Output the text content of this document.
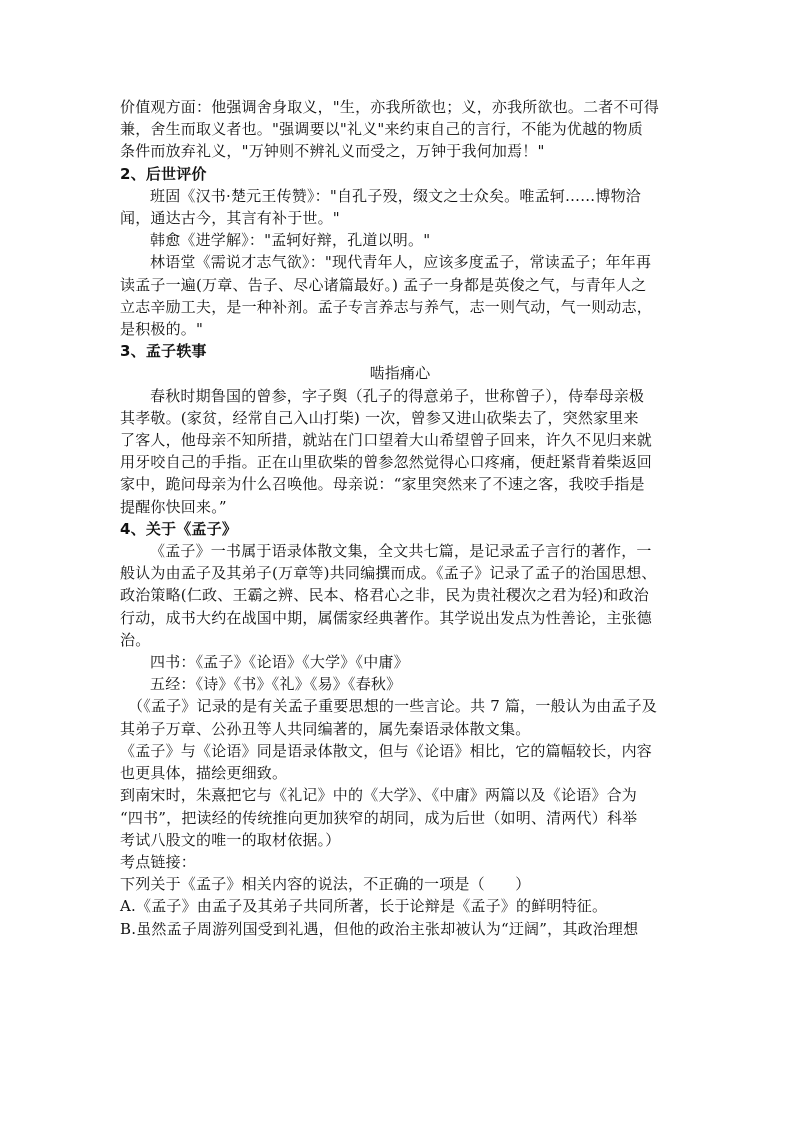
价值观方面：他强调舍身取义，"生，亦我所欲也；义，亦我所欲也。二者不可得
兼，舍生而取义者也。"强调要以"礼义"来约束自己的言行，不能为优越的物质
条件而放弃礼义，"万钟则不辨礼义而受之，万钟于我何加焉！"
2、后世评价
班固《汉书·楚元王传赞》："自孔子殁，缀文之士众矣。唯孟轲……博物洽
闻，通达古今，其言有补于世。"
韩愈《进学解》："孟轲好辩，孔道以明。"
林语堂《需说才志气欲》："现代青年人，应该多度孟子，常读孟子；年年再
读孟子一遍(万章、告子、尽心诸篇最好。) 孟子一身都是英俊之气，与青年人之
立志辛励工夫，是一种补剂。孟子专言养志与养气，志一则气动，气一则动志，
是积极的。"
3、孟子轶事
啮指痛心
春秋时期鲁国的曾参，字子舆（孔子的得意弟子，世称曾子），侍奉母亲极
其孝敬。(家贫，经常自己入山打柴) 一次，曾参又进山砍柴去了，突然家里来
了客人，他母亲不知所措，就站在门口望着大山希望曾子回来，许久不见归来就
用牙咬自己的手指。正在山里砍柴的曾参忽然觉得心口疼痛，便赶紧背着柴返回
家中，跪问母亲为什么召唤他。母亲说：“家里突然来了不速之客，我咬手指是
提醒你快回来。”
4、关于《孟子》
《孟子》一书属于语录体散文集，全文共七篇，是记录孟子言行的著作，一
般认为由孟子及其弟子(万章等)共同编撰而成。《孟子》记录了孟子的治国思想、
政治策略(仁政、王霸之辨、民本、格君心之非，民为贵社稷次之君为轻)和政治
行动，成书大约在战国中期，属儒家经典著作。其学说出发点为性善论，主张德
治。
四书：《孟子》《论语》《大学》《中庸》
五经：《诗》《书》《礼》《易》《春秋》
（《孟子》记录的是有关孟子重要思想的一些言论。共 7 篇，一般认为由孟子及
其弟子万章、公孙丑等人共同编著的，属先秦语录体散文集。
《孟子》与《论语》同是语录体散文，但与《论语》相比，它的篇幅较长，内容
也更具体，描绘更细致。
到南宋时，朱熹把它与《礼记》中的《大学》、《中庸》两篇以及《论语》合为
“四书”，把读经的传统推向更加狭窄的胡同，成为后世（如明、清两代）科举
考试八股文的唯一的取材依据。）
考点链接：
下列关于《孟子》相关内容的说法，不正确的一项是（　　）
A.《孟子》由孟子及其弟子共同所著，长于论辩是《孟子》的鲜明特征。
B.虽然孟子周游列国受到礼遇，但他的政治主张却被认为“迂阔”，其政治理想
